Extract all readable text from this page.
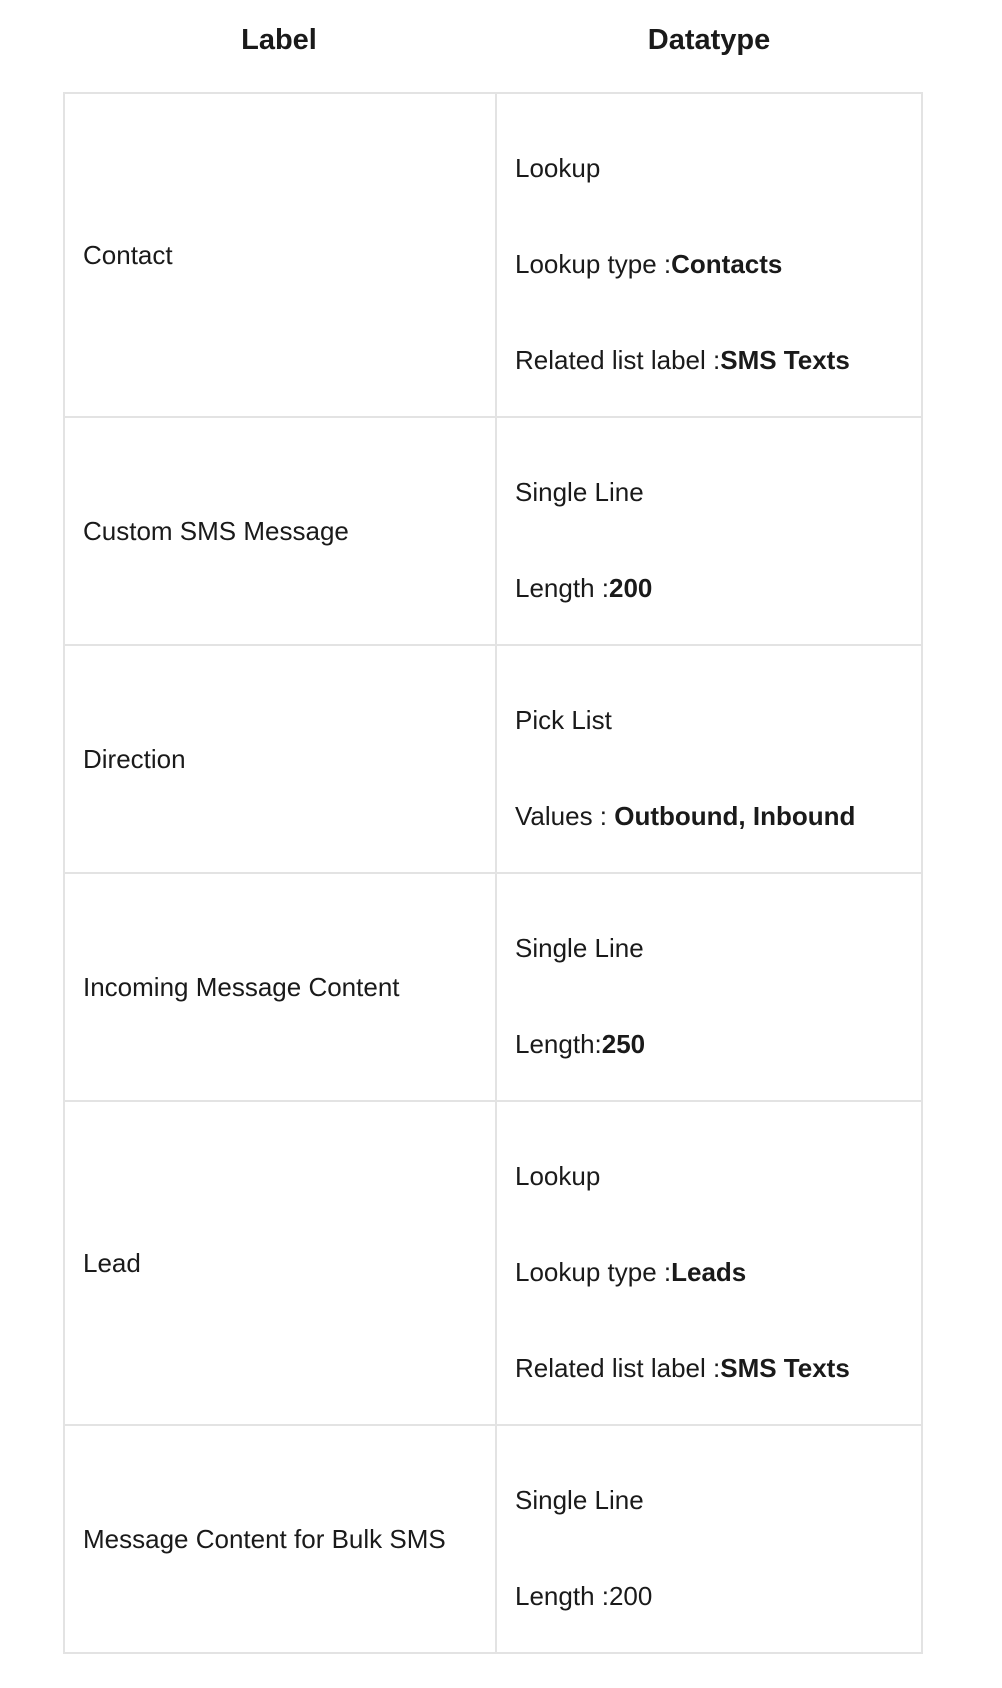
Label	Datatype
Contact	Lookup
Lookup type :Contacts
Related list label :SMS Texts

Custom SMS Message	Single Line
Length :200

Direction	Pick List
Values : Outbound, Inbound

Incoming Message Content	Single Line
Length:250

Lead	Lookup
Lookup type :Leads
Related list label :SMS Texts

Message Content for Bulk SMS	Single Line
Length :200
